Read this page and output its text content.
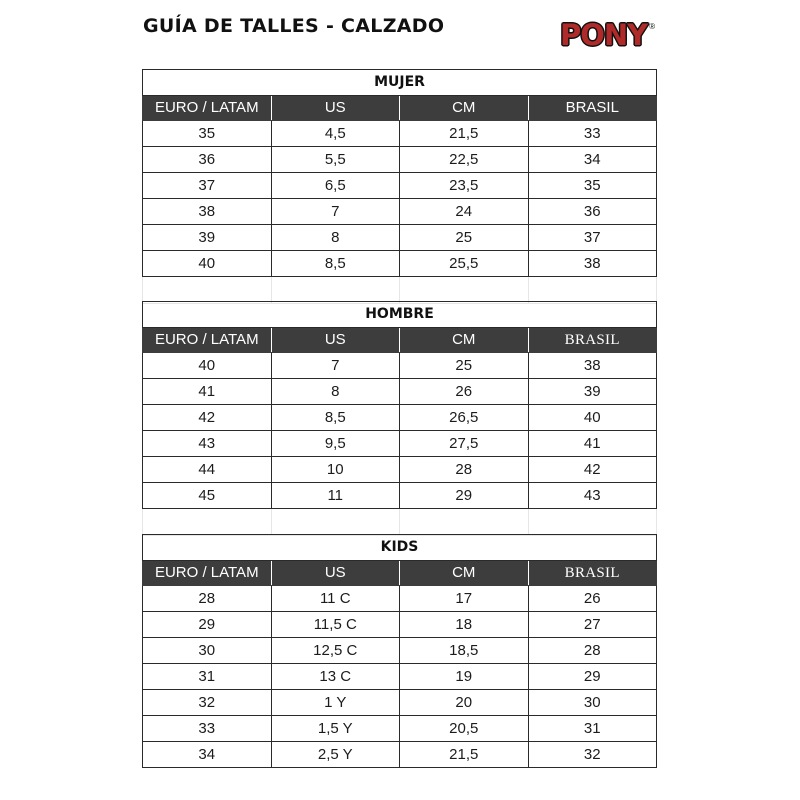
GUÍA DE TALLES - CALZADO	PONY ®
MUJER			
EURO / LATAM	US	CM	BRASIL
35	4,5	21,5	33
36	5,5	22,5	34
37	6,5	23,5	35
38	7	24	36
39	8	25	37
40	8,5	25,5	38

HOMBRE			
EURO / LATAM	US	CM	BRASIL
40	7	25	38
41	8	26	39
42	8,5	26,5	40
43	9,5	27,5	41
44	10	28	42
45	11	29	43

KIDS			
EURO / LATAM	US	CM	BRASIL
28	11 C	17	26
29	11,5 C	18	27
30	12,5 C	18,5	28
31	13 C	19	29
32	1 Y	20	30
33	1,5 Y	20,5	31
34	2,5 Y	21,5	32
